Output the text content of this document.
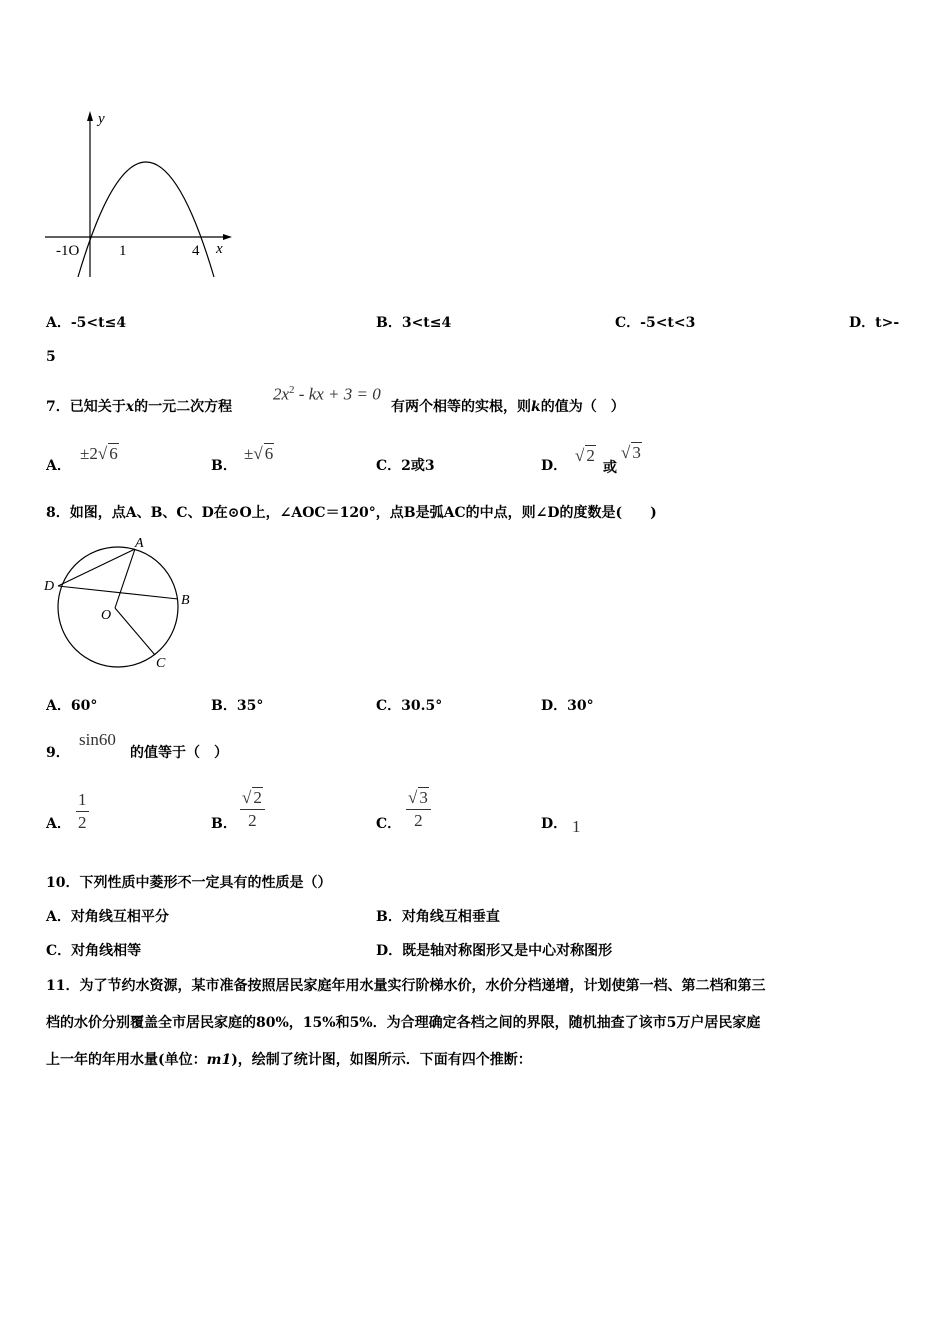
y
x
-1O	1	4
A．-5<t≤4	B．3<t≤4	C．-5<t<3	D．t>-
5
7．已知关于x的一元二次方程
$2x^2$ - kx + 3 = 0
有两个相等的实根，则k的值为（　）
A．
±2√ 6
B．
±√ 6
C．2或3	D．
√ 2
或
√ 3
8．如图，点A、B、C、D在⊙O上，∠AOC＝120°，点B是弧AC的中点，则∠D的度数是(　　)
A
B
C
D
O
A．60°	B．35°	C．30.5°	D．30°
9．
sin60
的值等于（　）
A．
1
2	B．
√ 2
2	C．
√ 3
2	D． 1
10．下列性质中菱形不一定具有的性质是（）
A．对角线互相平分	B．对角线互相垂直
C．对角线相等	D．既是轴对称图形又是中心对称图形
11．为了节约水资源，某市准备按照居民家庭年用水量实行阶梯水价，水价分档递增，计划使第一档、第二档和第三
档的水价分别覆盖全市居民家庭的80%，15%和5%．为合理确定各档之间的界限，随机抽查了该市5万户居民家庭
上一年的年用水量(单位：m1)，绘制了统计图，如图所示．下面有四个推断：
